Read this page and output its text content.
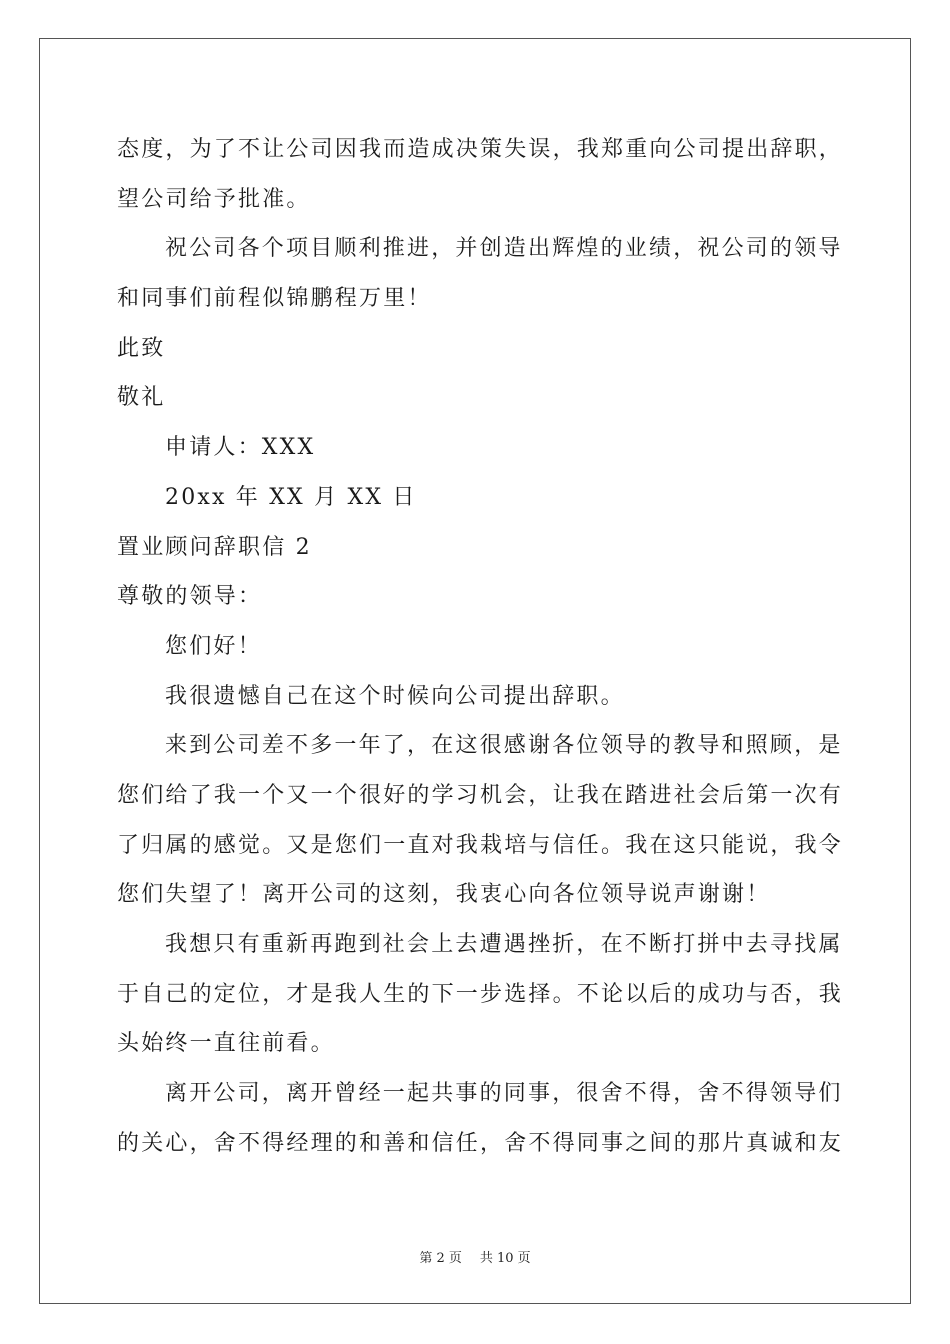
态度，为了不让公司因我而造成决策失误，我郑重向公司提出辞职，
望公司给予批准。
祝公司各个项目顺利推进，并创造出辉煌的业绩，祝公司的领导
和同事们前程似锦鹏程万里！
此致
敬礼
申请人：XXX
20xx 年 XX 月 XX 日
置业顾问辞职信 2
尊敬的领导：
您们好！
我很遗憾自己在这个时候向公司提出辞职。
来到公司差不多一年了，在这很感谢各位领导的教导和照顾，是
您们给了我一个又一个很好的学习机会，让我在踏进社会后第一次有
了归属的感觉。又是您们一直对我栽培与信任。我在这只能说，我令
您们失望了！离开公司的这刻，我衷心向各位领导说声谢谢！
我想只有重新再跑到社会上去遭遇挫折，在不断打拼中去寻找属
于自己的定位，才是我人生的下一步选择。不论以后的成功与否，我
头始终一直往前看。
离开公司，离开曾经一起共事的同事，很舍不得，舍不得领导们
的关心，舍不得经理的和善和信任，舍不得同事之间的那片真诚和友
第 2 页 共 10 页
